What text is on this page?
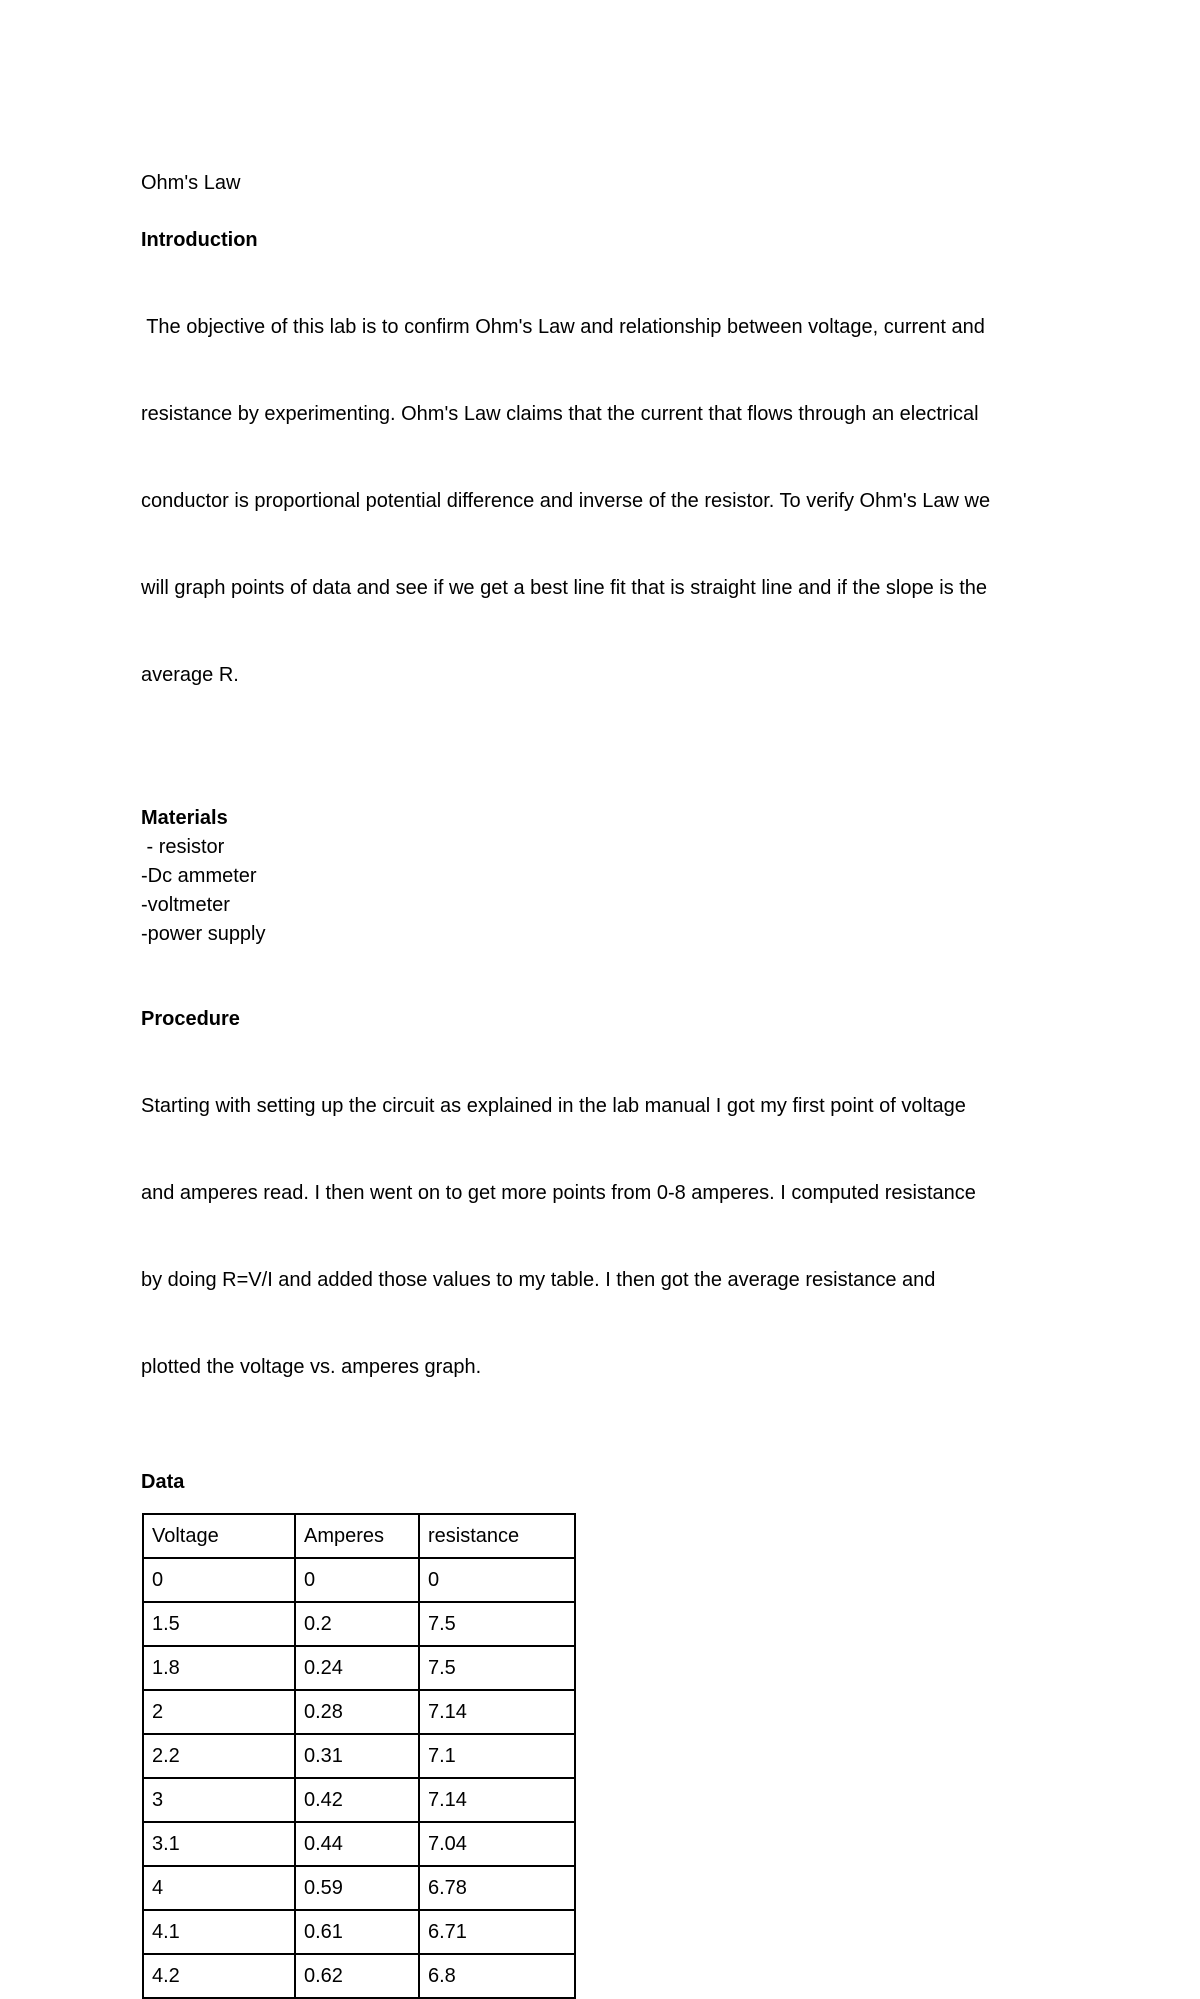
Ohm's Law
Introduction

The objective of this lab is to confirm Ohm's Law and relationship between voltage, current and

resistance by experimenting. Ohm's Law claims that the current that flows through an electrical

conductor is proportional potential difference and inverse of the resistor. To verify Ohm's Law we

will graph points of data and see if we get a best line fit that is straight line and if the slope is the

average R.

Materials
- resistor
-Dc ammeter
-voltmeter
-power supply
Procedure

Starting with setting up the circuit as explained in the lab manual I got my first point of voltage

and amperes read. I then went on to get more points from 0-8 amperes. I computed resistance

by doing R=V/I and added those values to my table. I then got the average resistance and

plotted the voltage vs. amperes graph.

Data
Voltage	Amperes	resistance
0	0	0
1.5	0.2	7.5
1.8	0.24	7.5
2	0.28	7.14
2.2	0.31	7.1
3	0.42	7.14
3.1	0.44	7.04
4	0.59	6.78
4.1	0.61	6.71
4.2	0.62	6.8
